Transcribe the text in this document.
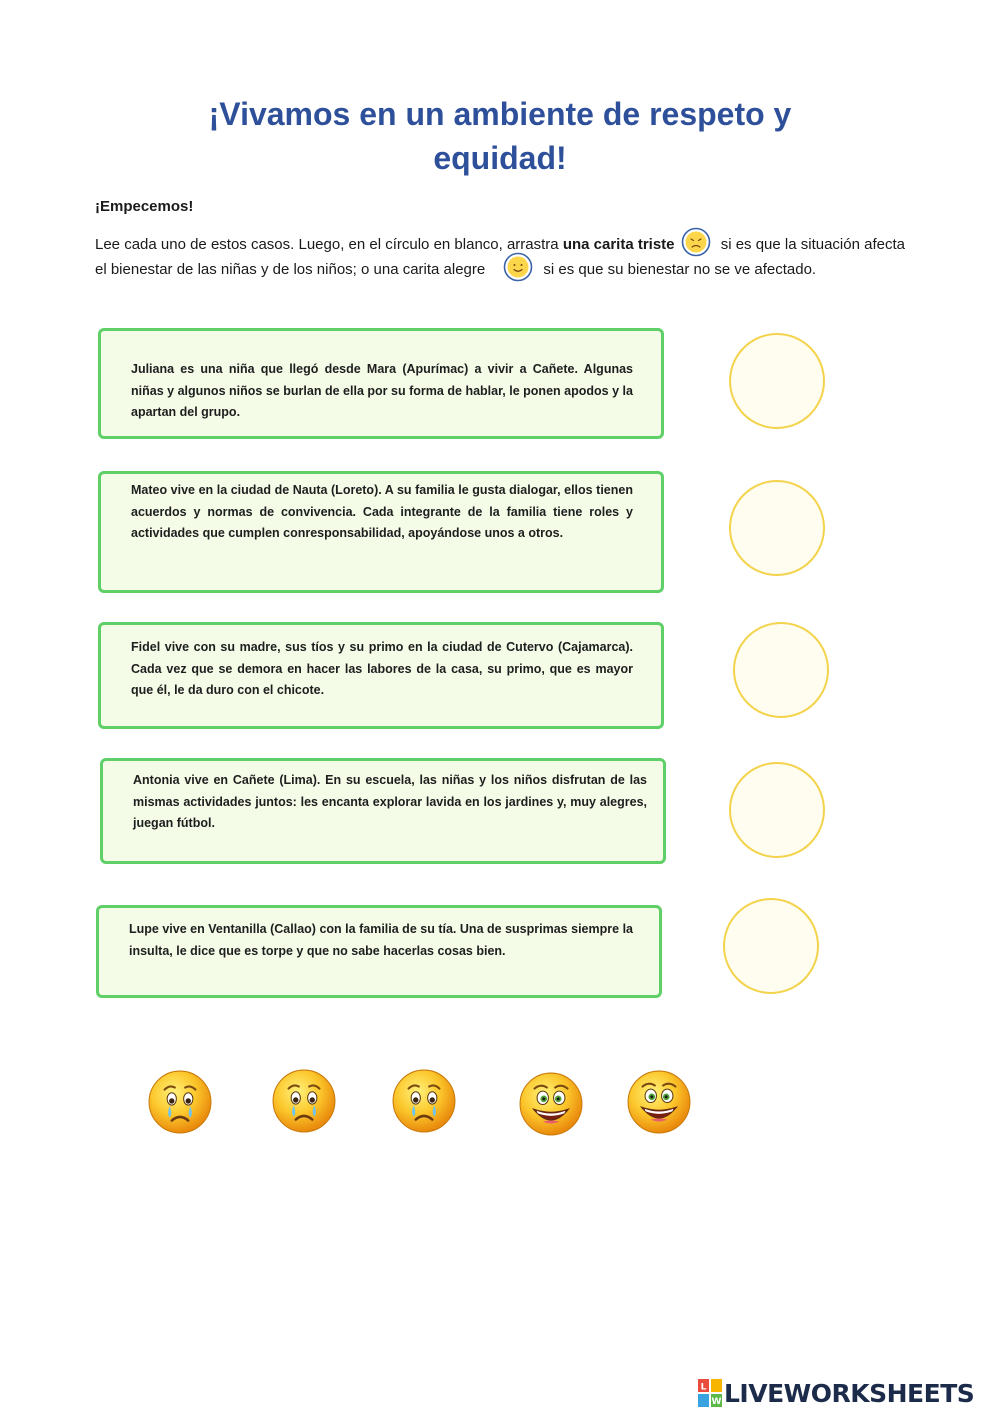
¡Vivamos en un ambiente de respeto y
equidad!
¡Empecemos!
Lee cada uno de estos casos. Luego, en el círculo en blanco, arrastra una carita triste	si es que la situación afecta el bienestar de las niñas y de los niños; o una carita alegre	si es que su bienestar no se ve afectado.
Juliana es una niña que llegó desde Mara (Apurímac) a vivir a Cañete. Algunas niñas y algunos niños se burlan de ella por su forma de hablar, le ponen apodos y la apartan del grupo.
Mateo vive en la ciudad de Nauta (Loreto). A su familia le gusta dialogar, ellos tienen acuerdos y normas de convivencia. Cada integrante de la familia tiene roles y actividades que cumplen conresponsabilidad, apoyándose unos a otros.
Fidel vive con su madre, sus tíos y su primo en la ciudad de Cutervo (Cajamarca). Cada vez que se demora en hacer las labores de la casa, su primo, que es mayor que él, le da duro con el chicote.
Antonia vive en Cañete (Lima). En su escuela, las niñas y los niños disfrutan de las mismas actividades juntos: les encanta explorar lavida en los jardines y, muy alegres, juegan fútbol.
Lupe vive en Ventanilla (Callao) con la familia de su tía. Una de susprimas siempre la insulta, le dice que es torpe y que no sabe hacerlas cosas bien.
L
W LIVEWORKSHEETS
